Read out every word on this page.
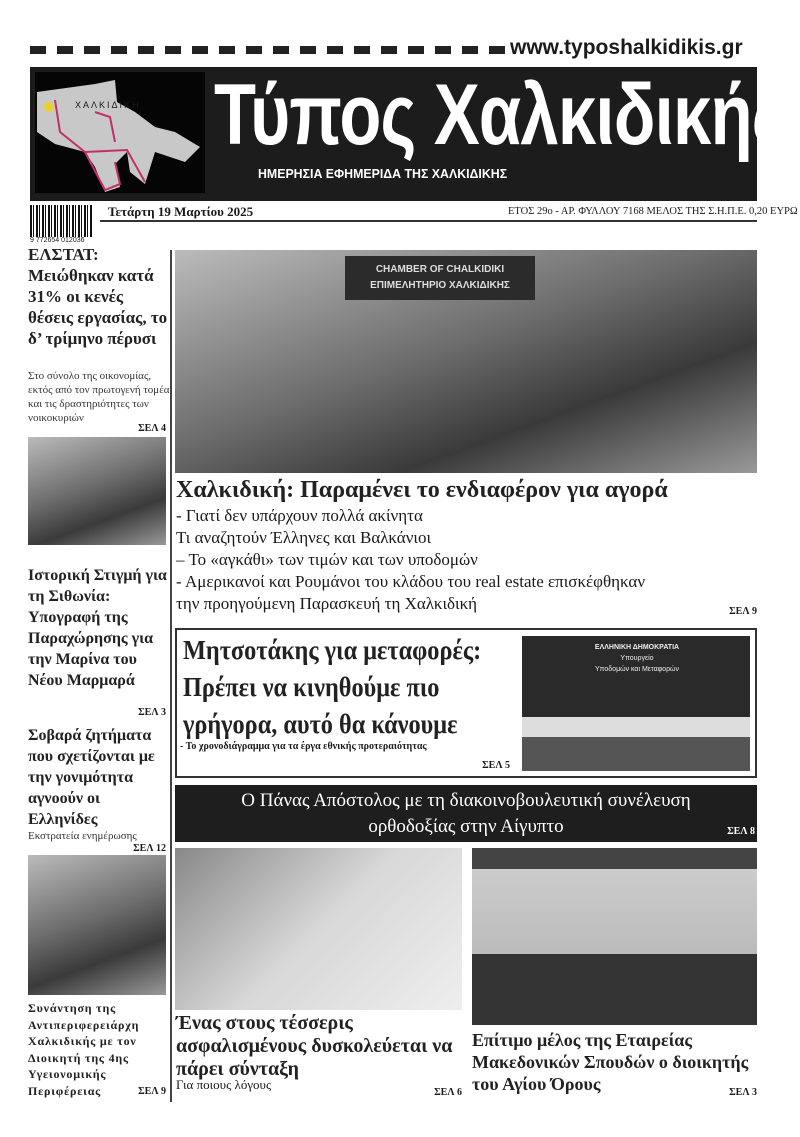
www.typoshalkidikis.gr
ΧΑΛΚΙΔΙΚΗ Τύπος Χαλκιδικής
ΗΜΕΡΗΣΙΑ ΕΦΗΜΕΡΙΔΑ ΤΗΣ ΧΑΛΚΙΔΙΚΗΣ
9 772654 012036
Τετάρτη 19 Μαρτίου 2025	ΕΤΟΣ 29ο - ΑΡ. ΦΥΛΛΟΥ 7168 ΜΕΛΟΣ ΤΗΣ Σ.Η.Π.Ε. 0,20 ΕΥΡΩ
ΕΛΣΤΑΤ: Μειώθηκαν κατά 31% οι κενές θέσεις εργασίας, το δ’ τρίμηνο πέρυσι
Στο σύνολο της οικονομίας, εκτός από τον πρωτογενή τομέα και τις δραστηριότητες των νοικοκυριών
ΣΕΛ 4
Ιστορική Στιγμή για τη Σιθωνία: Υπογραφή της Παραχώρησης για την Μαρίνα του Νέου Μαρμαρά
ΣΕΛ 3
Σοβαρά ζητήματα που σχετίζονται με την γονιμότητα αγνοούν οι Ελληνίδες
Εκστρατεία ενημέρωσης
ΣΕΛ 12
Συνάντηση της Αντιπεριφερειάρχη Χαλκιδικής με τον Διοικητή της 4ης Υγειονομικής Περιφέρειας	ΣΕΛ 9
CHAMBER OF CHALKIDIKI
ΕΠΙΜΕΛΗΤΗΡΙΟ ΧΑΛΚΙΔΙΚΗΣ
Χαλκιδική: Παραμένει το ενδιαφέρον για αγορά
- Γιατί δεν υπάρχουν πολλά ακίνητα
Τι αναζητούν Έλληνες και Βαλκάνιοι
– Το «αγκάθι» των τιμών και των υποδομών
- Αμερικανοί και Ρουμάνοι του κλάδου του real estate επισκέφθηκαν
την προηγούμενη Παρασκευή τη Χαλκιδική	ΣΕΛ 9
Μητσοτάκης για μεταφορές:
Πρέπει να κινηθούμε πιο
γρήγορα, αυτό θα κάνουμε
- Το χρονοδιάγραμμα για τα έργα εθνικής προτεραιότητας
ΣΕΛ 5
ΕΛΛΗΝΙΚΗ ΔΗΜΟΚΡΑΤΙΑ
Υπουργείο
Υποδομών και Μεταφορών
Ο Πάνας Απόστολος με τη διακοινοβουλευτική συνέλευση
ορθοδοξίας στην Αίγυπτο	ΣΕΛ 8
Ένας στους τέσσερις ασφαλισμένους δυσκολεύεται να πάρει σύνταξη
Για ποιους λόγους
ΣΕΛ 6
Επίτιμο μέλος της Εταιρείας Μακεδονικών Σπουδών ο διοικητής του Αγίου Όρους	ΣΕΛ 3
